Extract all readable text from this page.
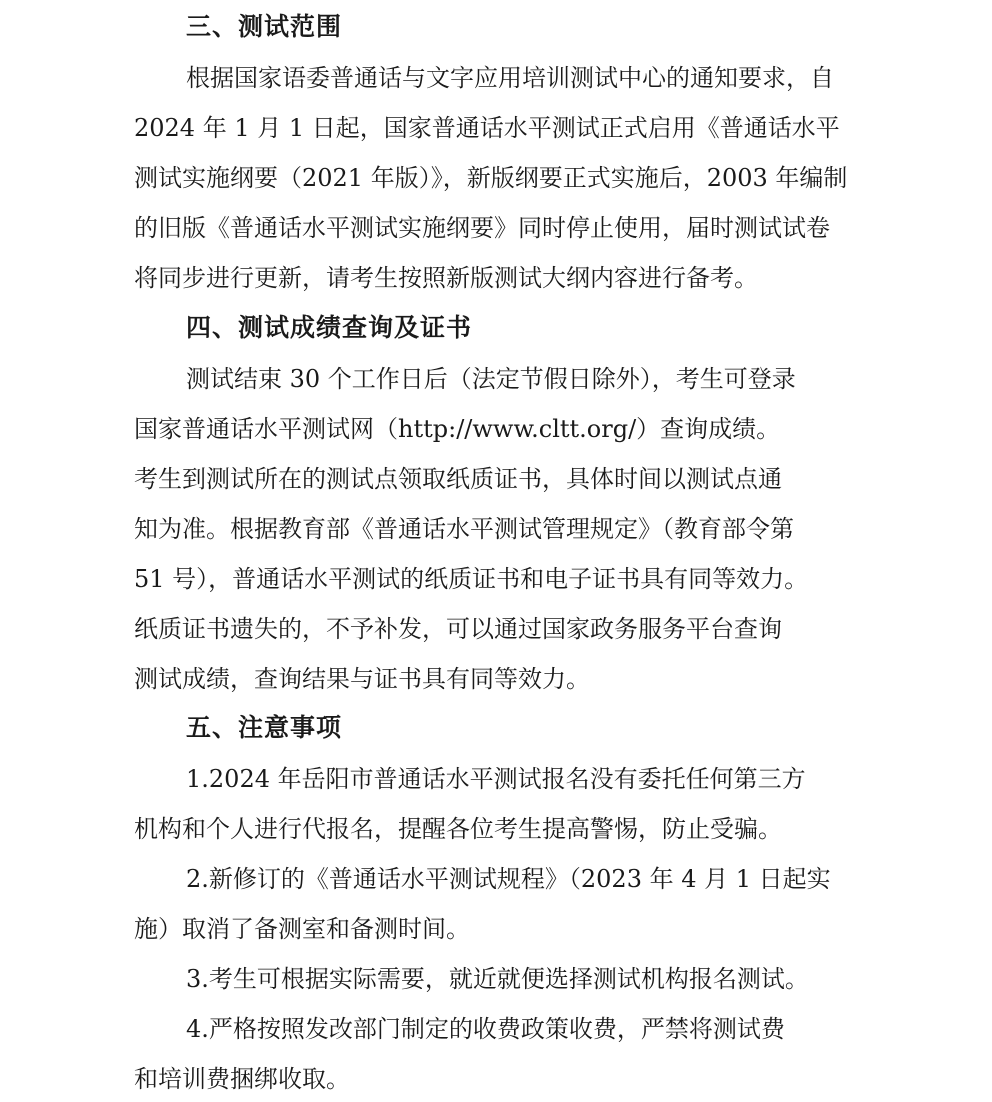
三、测试范围
根据国家语委普通话与文字应用培训测试中心的通知要求，自
2024 年 1 月 1 日起，国家普通话水平测试正式启用《普通话水平
测试实施纲要（2021 年版）》，新版纲要正式实施后，2003 年编制
的旧版《普通话水平测试实施纲要》同时停止使用，届时测试试卷
将同步进行更新，请考生按照新版测试大纲内容进行备考。
四、测试成绩查询及证书
测试结束 30 个工作日后（法定节假日除外），考生可登录
国家普通话水平测试网（http://www.cltt.org/）查询成绩。
考生到测试所在的测试点领取纸质证书，具体时间以测试点通
知为准。根据教育部《普通话水平测试管理规定》（教育部令第
51 号），普通话水平测试的纸质证书和电子证书具有同等效力。
纸质证书遗失的，不予补发，可以通过国家政务服务平台查询
测试成绩，查询结果与证书具有同等效力。
五、注意事项
1.2024 年岳阳市普通话水平测试报名没有委托任何第三方
机构和个人进行代报名，提醒各位考生提高警惕，防止受骗。
2.新修订的《普通话水平测试规程》（2023 年 4 月 1 日起实
施）取消了备测室和备测时间。
3.考生可根据实际需要，就近就便选择测试机构报名测试。
4.严格按照发改部门制定的收费政策收费，严禁将测试费
和培训费捆绑收取。
